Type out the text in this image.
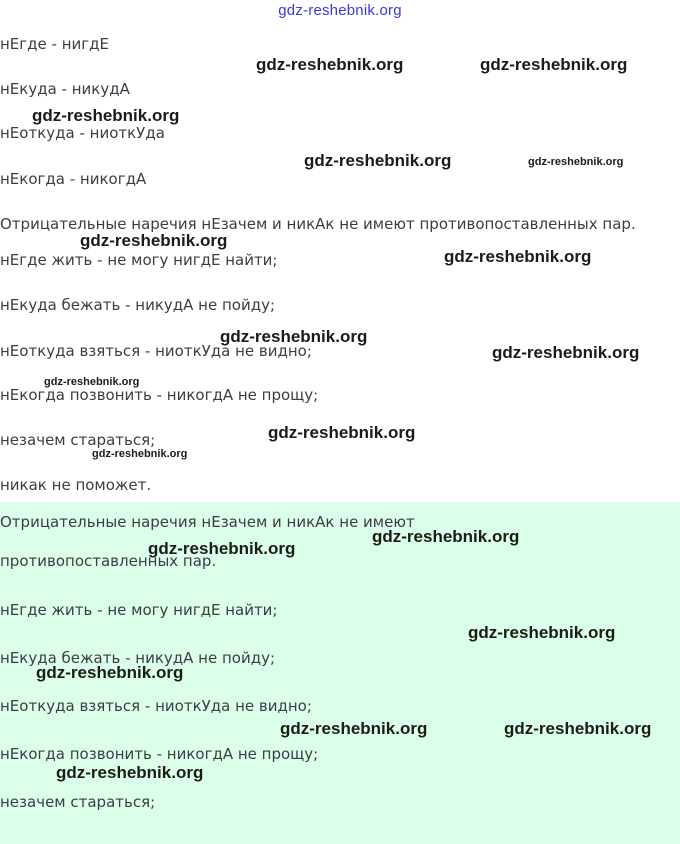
gdz-reshebnik.org
нЕгде - нигдЕ
нЕкуда - никудА
нЕоткуда - ниоткУда
нЕкогда - никогдА
Отрицательные наречия нЕзачем и никАк не имеют противопоставленных пар.
нЕгде жить - не могу нигдЕ найти;
нЕкуда бежать - никудА не пойду;
нЕоткуда взяться - ниоткУда не видно;
нЕкогда позвонить - никогдА не прощу;
незачем стараться;
никак не поможет.
Отрицательные наречия нЕзачем и никАк не имеют
противопоставленных пар.
нЕгде жить - не могу нигдЕ найти;
нЕкуда бежать - никудА не пойду;
нЕоткуда взяться - ниоткУда не видно;
нЕкогда позвонить - никогдА не прощу;
незачем стараться;
gdz-reshebnik.org	gdz-reshebnik.org
gdz-reshebnik.org
gdz-reshebnik.org	gdz-reshebnik.org
gdz-reshebnik.org
gdz-reshebnik.org
gdz-reshebnik.org
gdz-reshebnik.org
gdz-reshebnik.org
gdz-reshebnik.org
gdz-reshebnik.org
gdz-reshebnik.org
gdz-reshebnik.org
gdz-reshebnik.org
gdz-reshebnik.org
gdz-reshebnik.org	gdz-reshebnik.org
gdz-reshebnik.org
